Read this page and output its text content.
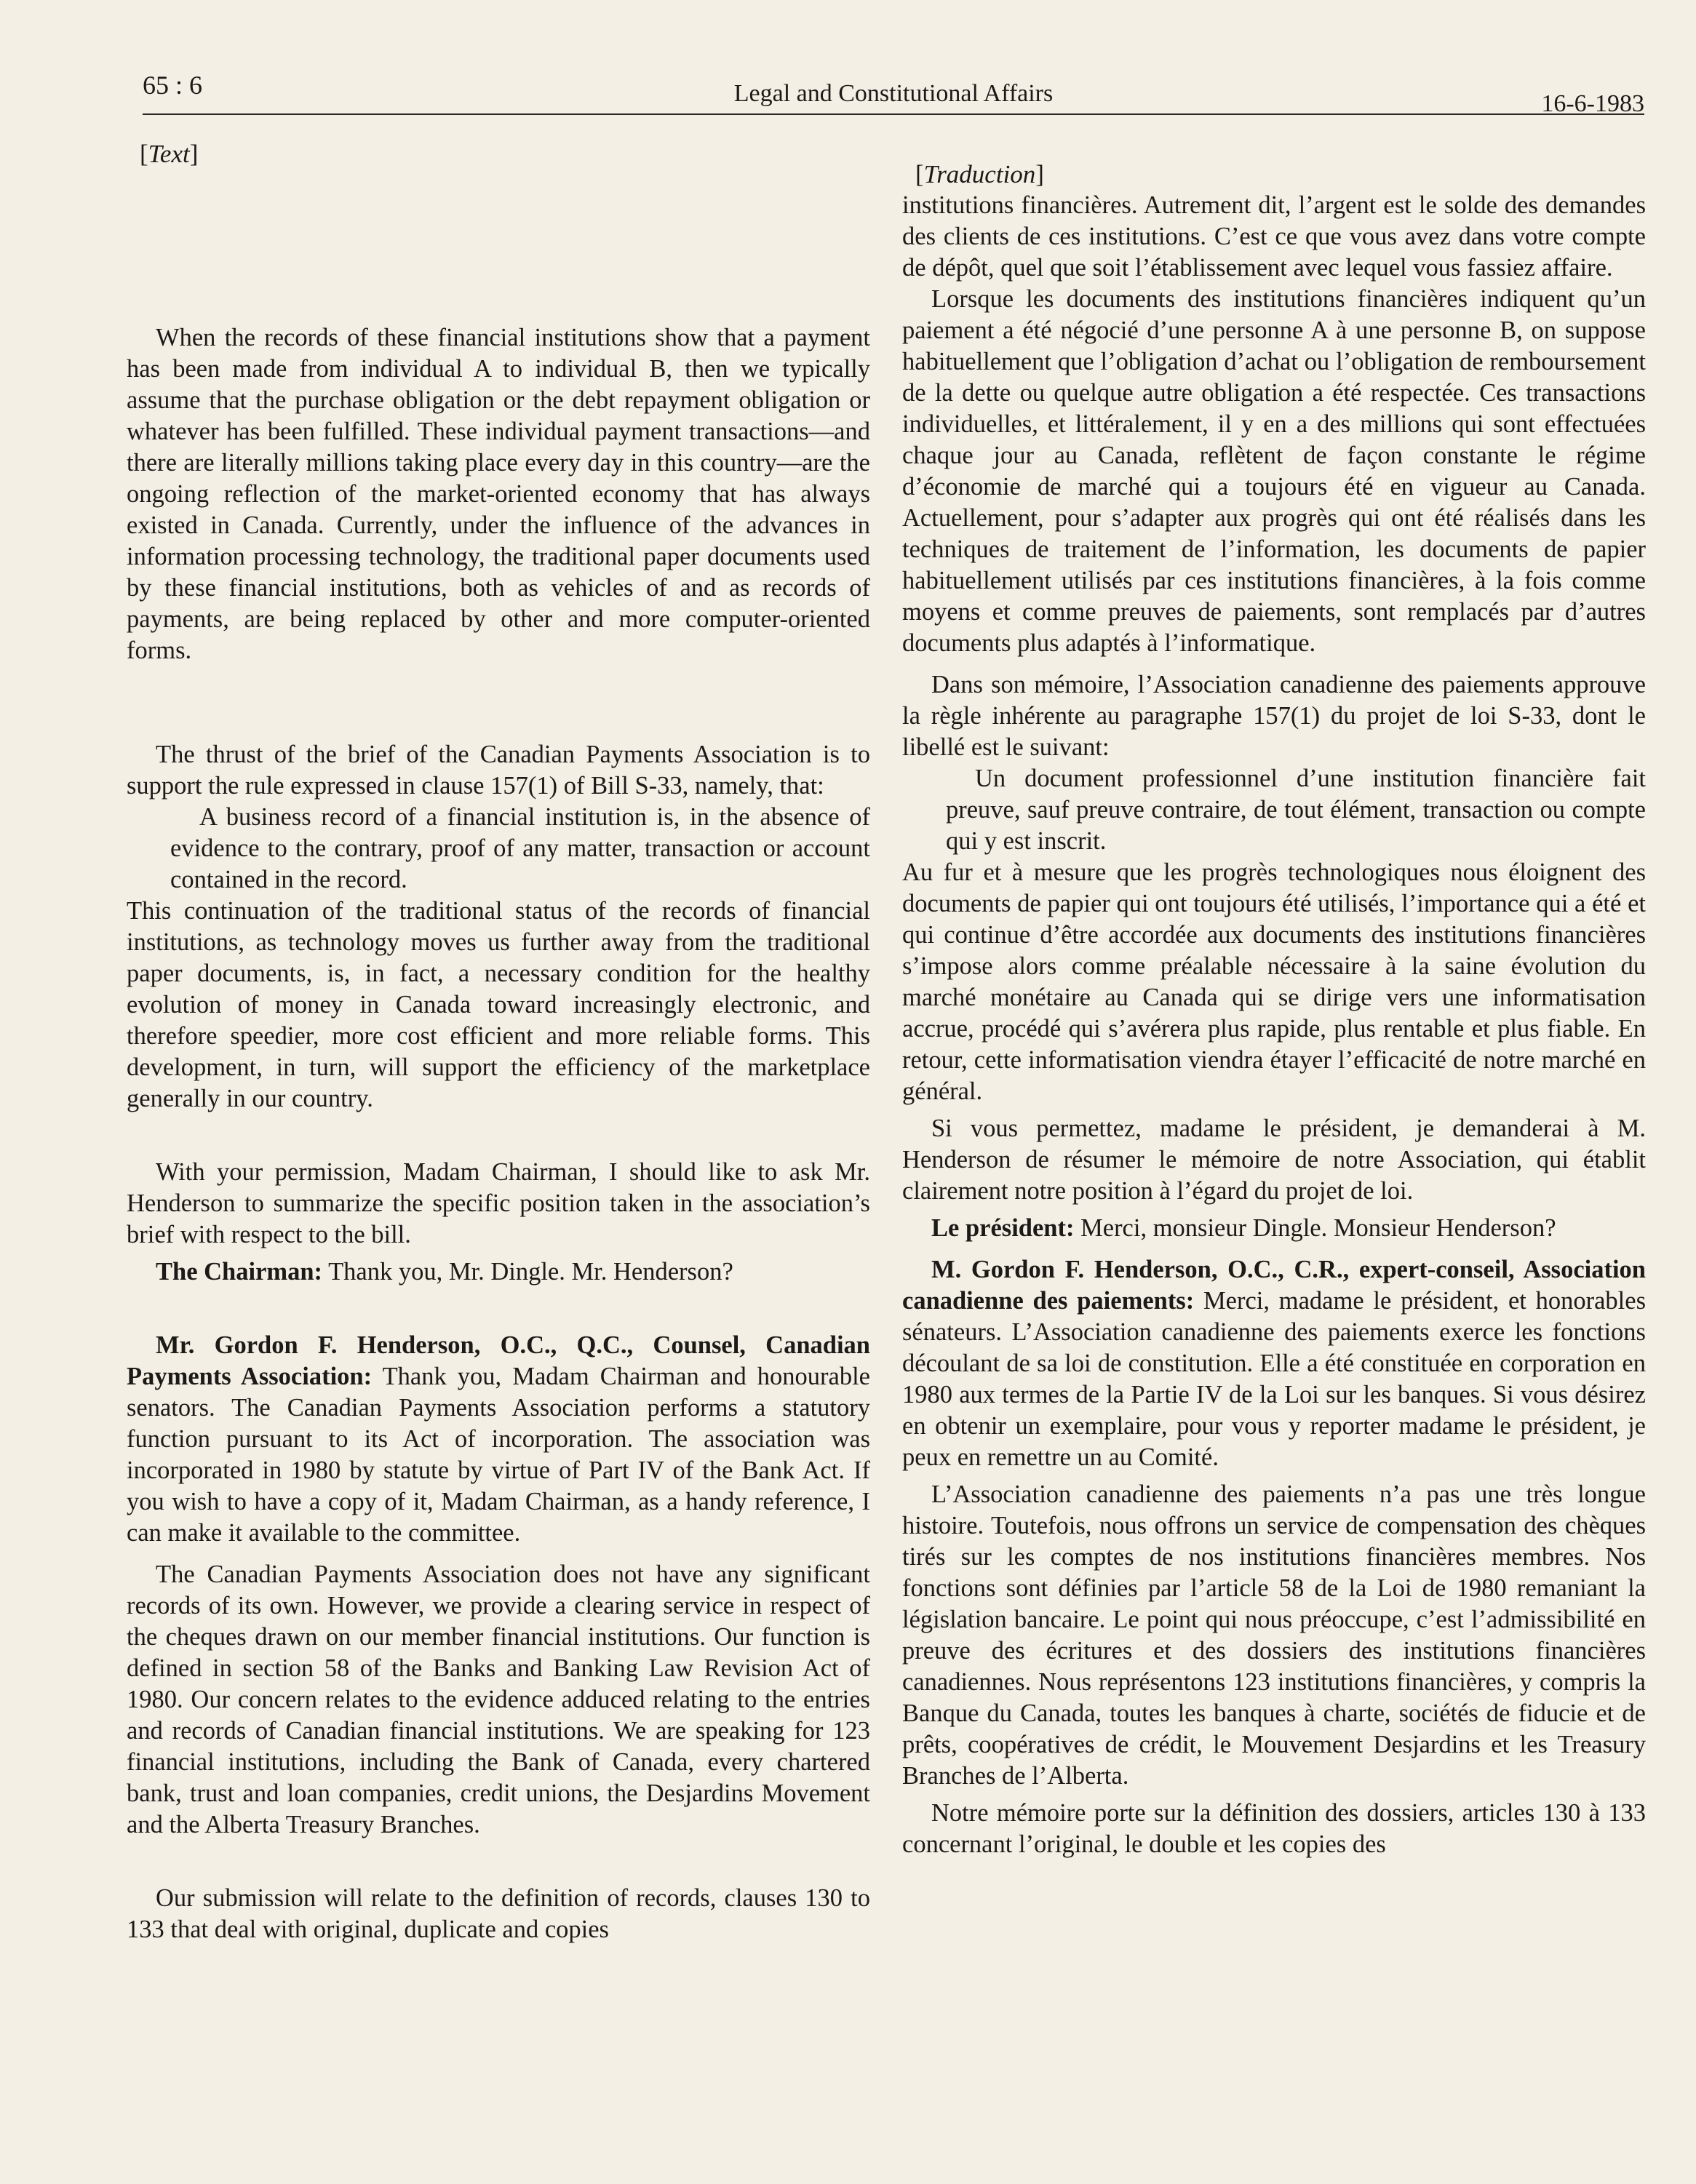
65 : 6	Legal and Constitutional Affairs	16-6-1983

[Text]

When the records of these financial institutions show that a payment has been made from individual A to individual B, then we typically assume that the purchase obligation or the debt repayment obligation or whatever has been fulfilled. These individual payment transactions—and there are literally millions taking place every day in this country—are the ongoing reflection of the market-oriented economy that has always existed in Canada. Currently, under the influence of the advances in information processing technology, the traditional paper documents used by these financial institutions, both as vehicles of and as records of payments, are being replaced by other and more computer-oriented forms.

The thrust of the brief of the Canadian Payments Association is to support the rule expressed in clause 157(1) of Bill S-33, namely, that:

A business record of a financial institution is, in the absence of evidence to the contrary, proof of any matter, transaction or account contained in the record.

This continuation of the traditional status of the records of financial institutions, as technology moves us further away from the traditional paper documents, is, in fact, a necessary condition for the healthy evolution of money in Canada toward increasingly electronic, and therefore speedier, more cost efficient and more reliable forms. This development, in turn, will support the efficiency of the marketplace generally in our country.

With your permission, Madam Chairman, I should like to ask Mr. Henderson to summarize the specific position taken in the association’s brief with respect to the bill.

The Chairman: Thank you, Mr. Dingle. Mr. Henderson?

Mr. Gordon F. Henderson, O.C., Q.C., Counsel, Canadian Payments Association: Thank you, Madam Chairman and honourable senators. The Canadian Payments Association performs a statutory function pursuant to its Act of incorporation. The association was incorporated in 1980 by statute by virtue of Part IV of the Bank Act. If you wish to have a copy of it, Madam Chairman, as a handy reference, I can make it available to the committee.

The Canadian Payments Association does not have any significant records of its own. However, we provide a clearing service in respect of the cheques drawn on our member financial institutions. Our function is defined in section 58 of the Banks and Banking Law Revision Act of 1980. Our concern relates to the evidence adduced relating to the entries and records of Canadian financial institutions. We are speaking for 123 financial institutions, including the Bank of Canada, every chartered bank, trust and loan companies, credit unions, the Desjardins Movement and the Alberta Treasury Branches.

Our submission will relate to the definition of records, clauses 130 to 133 that deal with original, duplicate and copies

[Traduction]

institutions financières. Autrement dit, l’argent est le solde des demandes des clients de ces institutions. C’est ce que vous avez dans votre compte de dépôt, quel que soit l’établissement avec lequel vous fassiez affaire.

Lorsque les documents des institutions financières indiquent qu’un paiement a été négocié d’une personne A à une personne B, on suppose habituellement que l’obligation d’achat ou l’obligation de remboursement de la dette ou quelque autre obligation a été respectée. Ces transactions individuelles, et littéralement, il y en a des millions qui sont effectuées chaque jour au Canada, reflètent de façon constante le régime d’économie de marché qui a toujours été en vigueur au Canada. Actuellement, pour s’adapter aux progrès qui ont été réalisés dans les techniques de traitement de l’information, les documents de papier habituellement utilisés par ces institutions financières, à la fois comme moyens et comme preuves de paiements, sont remplacés par d’autres documents plus adaptés à l’informatique.

Dans son mémoire, l’Association canadienne des paiements approuve la règle inhérente au paragraphe 157(1) du projet de loi S-33, dont le libellé est le suivant:

Un document professionnel d’une institution financière fait preuve, sauf preuve contraire, de tout élément, transaction ou compte qui y est inscrit.

Au fur et à mesure que les progrès technologiques nous éloignent des documents de papier qui ont toujours été utilisés, l’importance qui a été et qui continue d’être accordée aux documents des institutions financières s’impose alors comme préalable nécessaire à la saine évolution du marché monétaire au Canada qui se dirige vers une informatisation accrue, procédé qui s’avérera plus rapide, plus rentable et plus fiable. En retour, cette informatisation viendra étayer l’efficacité de notre marché en général.

Si vous permettez, madame le président, je demanderai à M. Henderson de résumer le mémoire de notre Association, qui établit clairement notre position à l’égard du projet de loi.

Le président: Merci, monsieur Dingle. Monsieur Henderson?

M. Gordon F. Henderson, O.C., C.R., expert-conseil, Association canadienne des paiements: Merci, madame le président, et honorables sénateurs. L’Association canadienne des paiements exerce les fonctions découlant de sa loi de constitution. Elle a été constituée en corporation en 1980 aux termes de la Partie IV de la Loi sur les banques. Si vous désirez en obtenir un exemplaire, pour vous y reporter madame le président, je peux en remettre un au Comité.

L’Association canadienne des paiements n’a pas une très longue histoire. Toutefois, nous offrons un service de compensation des chèques tirés sur les comptes de nos institutions financières membres. Nos fonctions sont définies par l’article 58 de la Loi de 1980 remaniant la législation bancaire. Le point qui nous préoccupe, c’est l’admissibilité en preuve des écritures et des dossiers des institutions financières canadiennes. Nous représentons 123 institutions financières, y compris la Banque du Canada, toutes les banques à charte, sociétés de fiducie et de prêts, coopératives de crédit, le Mouvement Desjardins et les Treasury Branches de l’Alberta.

Notre mémoire porte sur la définition des dossiers, articles 130 à 133 concernant l’original, le double et les copies des
